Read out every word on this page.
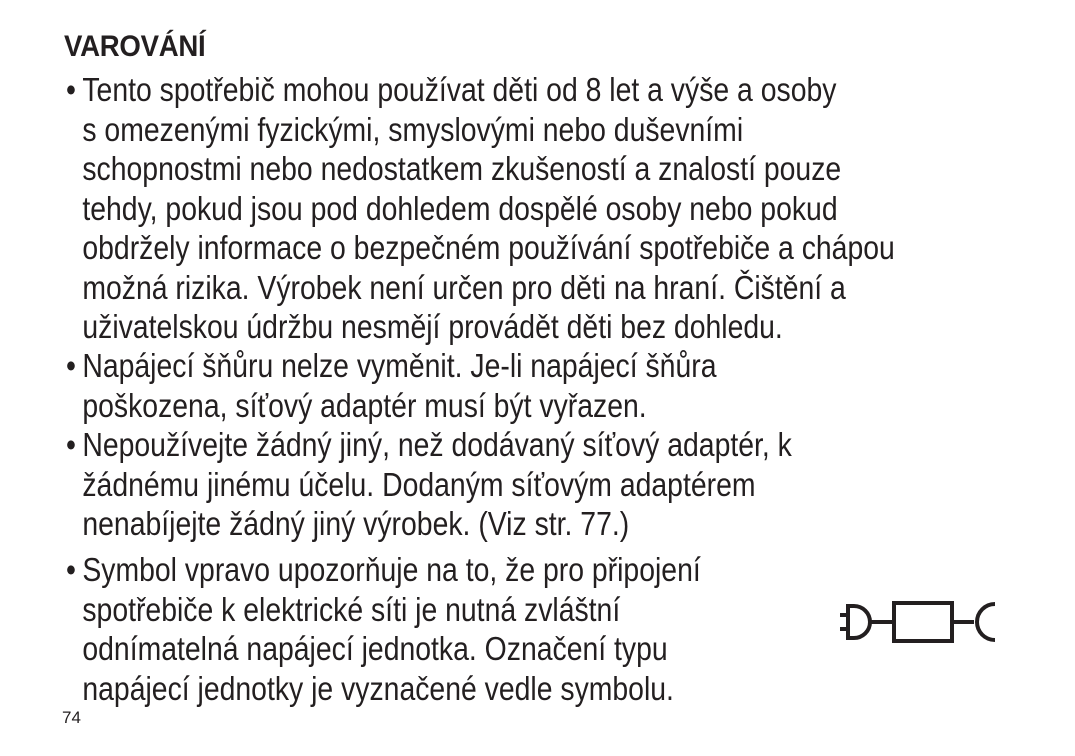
VAROVÁNÍ
• Tento spotřebič mohou používat děti od 8 let a výše a osoby
s omezenými fyzickými, smyslovými nebo duševními
schopnostmi nebo nedostatkem zkušeností a znalostí pouze
tehdy, pokud jsou pod dohledem dospělé osoby nebo pokud
obdržely informace o bezpečném používání spotřebiče a chápou
možná rizika. Výrobek není určen pro děti na hraní. Čištění a
uživatelskou údržbu nesmějí provádět děti bez dohledu.
• Napájecí šňůru nelze vyměnit. Je-li napájecí šňůra
poškozena, síťový adaptér musí být vyřazen.
• Nepoužívejte žádný jiný, než dodávaný síťový adaptér, k
žádnému jinému účelu. Dodaným síťovým adaptérem
nenabíjejte žádný jiný výrobek. (Viz str. 77.)
• Symbol vpravo upozorňuje na to, že pro připojení
spotřebiče k elektrické síti je nutná zvláštní
odnímatelná napájecí jednotka. Označení typu
napájecí jednotky je vyznačené vedle symbolu.
74
